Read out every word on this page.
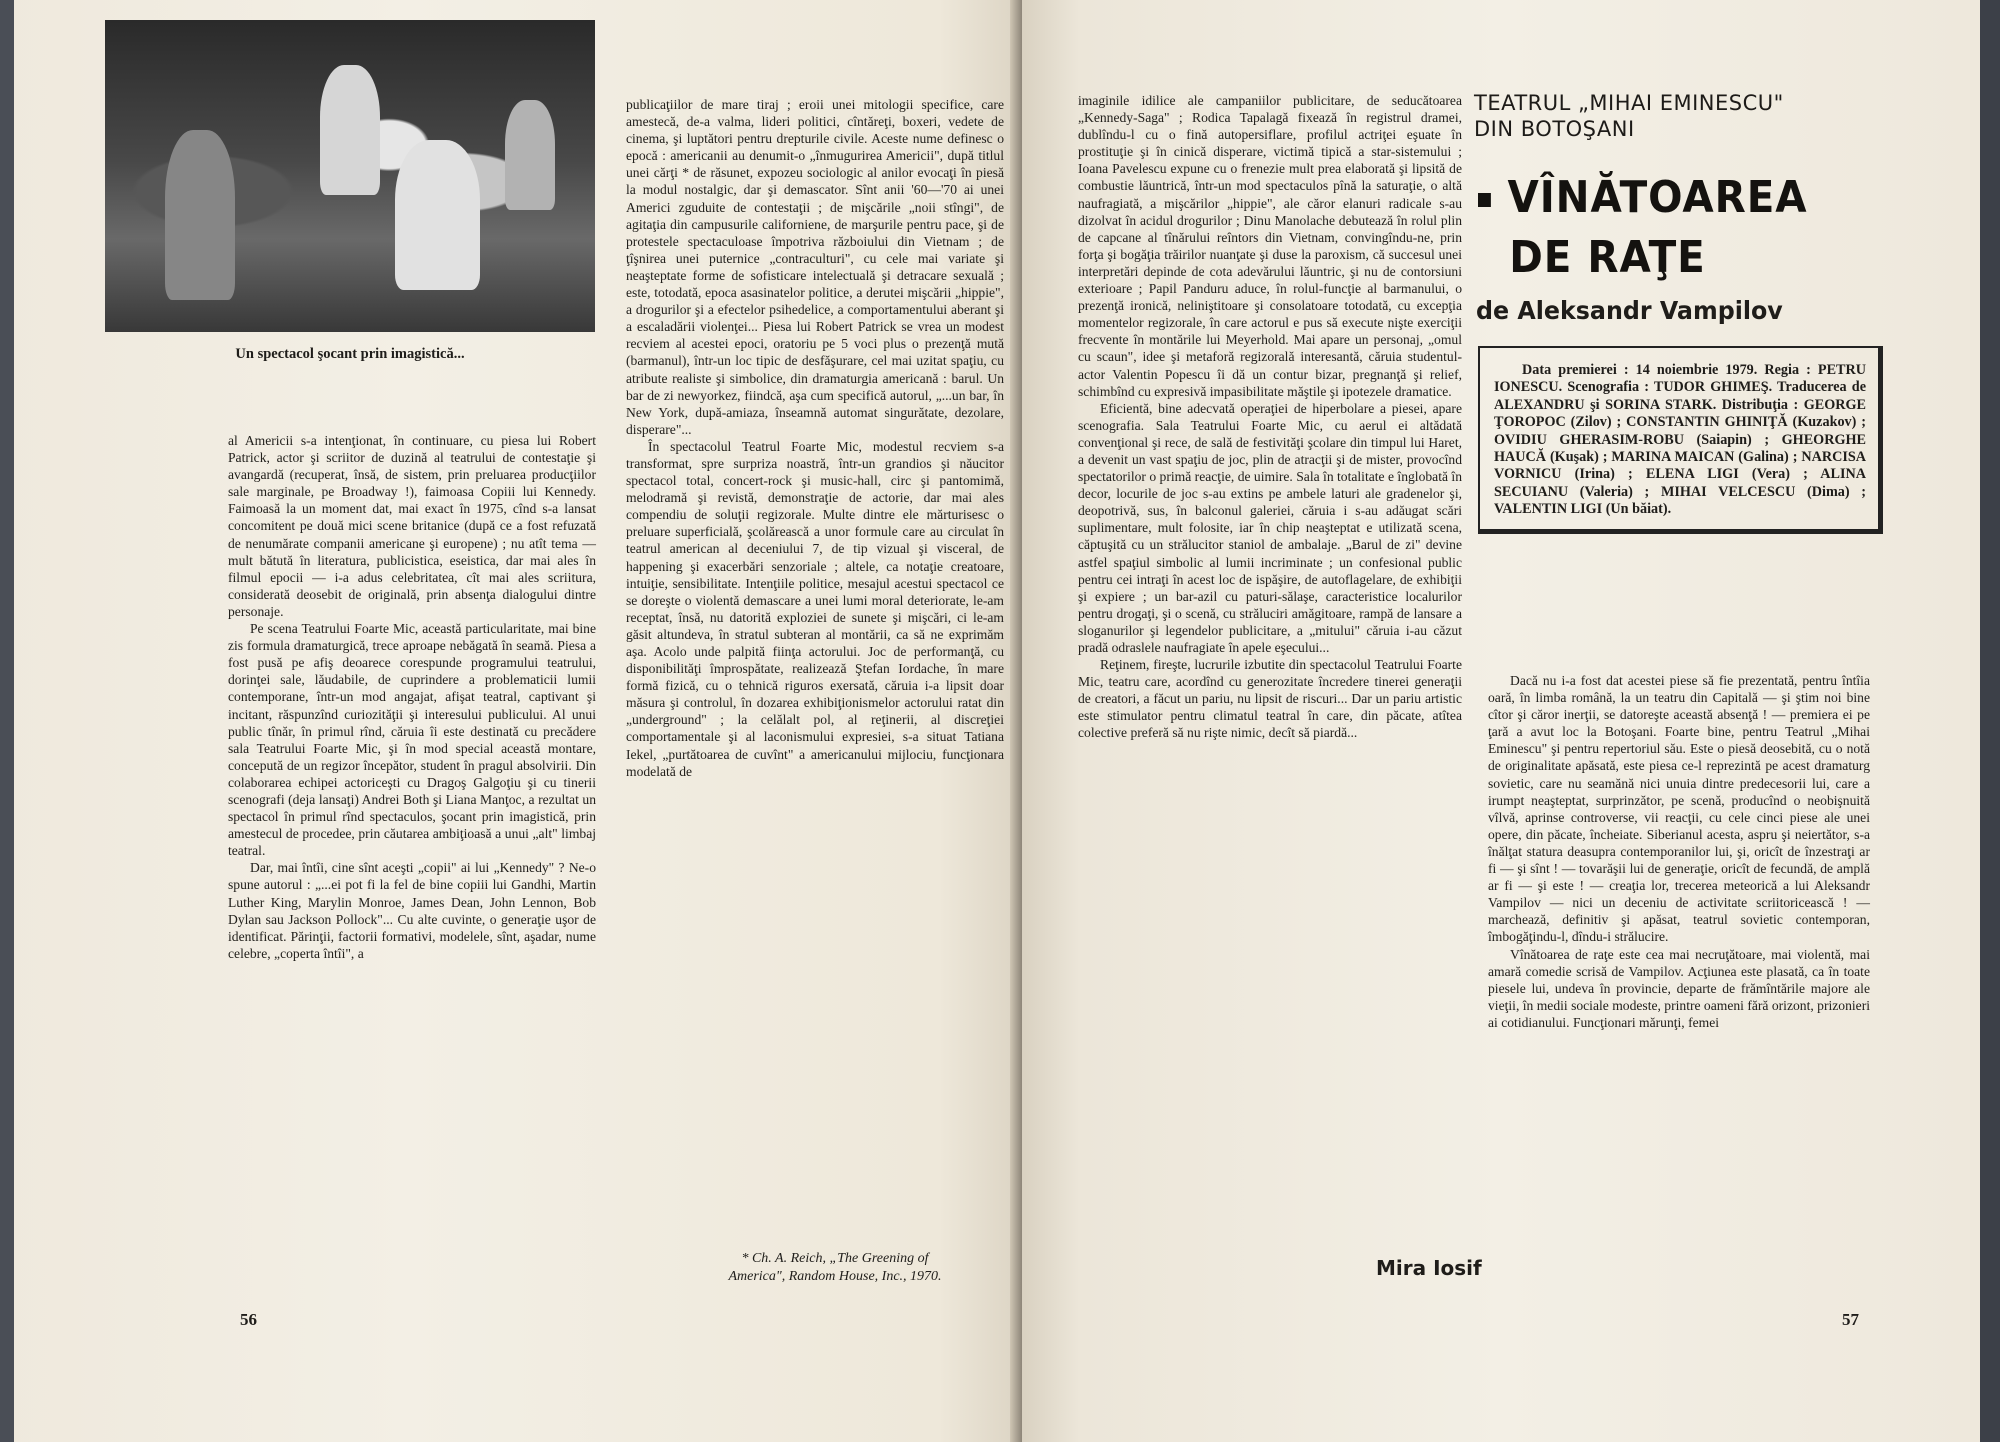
Un spectacol şocant prin imagistică...

al Americii s-a intenţionat, în continuare, cu piesa lui Robert Patrick, actor şi scriitor de duzină al teatrului de contestaţie şi avangardă (recuperat, însă, de sistem, prin preluarea producţiilor sale marginale, pe Broadway !), faimoasa Copiii lui Kennedy. Faimoasă la un moment dat, mai exact în 1975, cînd s-a lansat concomitent pe două mici scene britanice (după ce a fost refuzată de nenumărate companii americane şi europene) ; nu atît tema — mult bătută în literatura, publicistica, eseistica, dar mai ales în filmul epocii — i-a adus celebritatea, cît mai ales scriitura, considerată deosebit de originală, prin absenţa dialogului dintre personaje.

Pe scena Teatrului Foarte Mic, această particularitate, mai bine zis formula dramaturgică, trece aproape nebăgată în seamă. Piesa a fost pusă pe afiş deoarece corespunde programului teatrului, dorinţei sale, lăudabile, de cuprindere a problematicii lumii contemporane, într-un mod angajat, afişat teatral, captivant şi incitant, răspunzînd curiozităţii şi interesului publicului. Al unui public tînăr, în primul rînd, căruia îi este destinată cu precădere sala Teatrului Foarte Mic, şi în mod special această montare, concepută de un regizor începător, student în pragul absolvirii. Din colaborarea echipei actoriceşti cu Dragoş Galgoţiu şi cu tinerii scenografi (deja lansaţi) Andrei Both şi Liana Manţoc, a rezultat un spectacol în primul rînd spectaculos, şocant prin imagistică, prin amestecul de procedee, prin căutarea ambiţioasă a unui „alt" limbaj teatral.

Dar, mai întîi, cine sînt aceşti „copii" ai lui „Kennedy" ? Ne-o spune autorul : „...ei pot fi la fel de bine copiii lui Gandhi, Martin Luther King, Marylin Monroe, James Dean, John Lennon, Bob Dylan sau Jackson Pollock"... Cu alte cuvinte, o generaţie uşor de identificat. Părinţii, factorii formativi, modelele, sînt, aşadar, nume celebre, „coperta întîi", a

publicaţiilor de mare tiraj ; eroii unei mitologii specifice, care amestecă, de-a valma, lideri politici, cîntăreţi, boxeri, vedete de cinema, şi luptători pentru drepturile civile. Aceste nume definesc o epocă : americanii au denumit-o „înmugurirea Americii", după titlul unei cărţi * de răsunet, expozeu sociologic al anilor evocaţi în piesă la modul nostalgic, dar şi demascator. Sînt anii '60—'70 ai unei Americi zguduite de contestaţii ; de mişcările „noii stîngi", de agitaţia din campusurile californiene, de marşurile pentru pace, şi de protestele spectaculoase împotriva războiului din Vietnam ; de ţîşnirea unei puternice „contraculturi", cu cele mai variate şi neaşteptate forme de sofisticare intelectuală şi detracare sexuală ; este, totodată, epoca asasinatelor politice, a derutei mişcării „hippie", a drogurilor şi a efectelor psihedelice, a comportamentului aberant şi a escaladării violenţei... Piesa lui Robert Patrick se vrea un modest recviem al acestei epoci, oratoriu pe 5 voci plus o prezenţă mută (barmanul), într-un loc tipic de desfăşurare, cel mai uzitat spaţiu, cu atribute realiste şi simbolice, din dramaturgia americană : barul. Un bar de zi newyorkez, fiindcă, aşa cum specifică autorul, „...un bar, în New York, după-amiaza, înseamnă automat singurătate, dezolare, disperare"...

În spectacolul Teatrul Foarte Mic, modestul recviem s-a transformat, spre surpriza noastră, într-un grandios şi năucitor spectacol total, concert-rock şi music-hall, circ şi pantomimă, melodramă şi revistă, demonstraţie de actorie, dar mai ales compendiu de soluţii regizorale. Multe dintre ele mărturisesc o preluare superficială, şcolărească a unor formule care au circulat în teatrul american al deceniului 7, de tip vizual şi visceral, de happening şi exacerbări senzoriale ; altele, ca notaţie creatoare, intuiţie, sensibilitate. Intenţiile politice, mesajul acestui spectacol ce se doreşte o violentă demascare a unei lumi moral deteriorate, le-am receptat, însă, nu datorită exploziei de sunete şi mişcări, ci le-am găsit altundeva, în stratul subteran al montării, ca să ne exprimăm aşa. Acolo unde palpită fiinţa actorului. Joc de performanţă, cu disponibilităţi împrospătate, realizează Ştefan Iordache, în mare formă fizică, cu o tehnică riguros exersată, căruia i-a lipsit doar măsura şi controlul, în dozarea exhibiţionismelor actorului ratat din „underground" ; la celălalt pol, al reţinerii, al discreţiei comportamentale şi al laconismului expresiei, s-a situat Tatiana Iekel, „purtătoarea de cuvînt" a americanului mijlociu, funcţionara modelată de

* Ch. A. Reich, „The Greening of
America", Random House, Inc., 1970.
56

imaginile idilice ale campaniilor publicitare, de seducătoarea „Kennedy-Saga" ; Rodica Tapalagă fixează în registrul dramei, dublîndu-l cu o fină autopersiflare, profilul actriţei eşuate în prostituţie şi în cinică disperare, victimă tipică a star-sistemului ; Ioana Pavelescu expune cu o frenezie mult prea elaborată şi lipsită de combustie lăuntrică, într-un mod spectaculos pînă la saturaţie, o altă naufragiată, a mişcărilor „hippie", ale căror elanuri radicale s-au dizolvat în acidul drogurilor ; Dinu Manolache debutează în rolul plin de capcane al tînărului reîntors din Vietnam, convingîndu-ne, prin forţa şi bogăţia trăirilor nuanţate şi duse la paroxism, că succesul unei interpretări depinde de cota adevărului lăuntric, şi nu de contorsiuni exterioare ; Papil Panduru aduce, în rolul-funcţie al barmanului, o prezenţă ironică, neliniştitoare şi consolatoare totodată, cu excepţia momentelor regizorale, în care actorul e pus să execute nişte exerciţii frecvente în montările lui Meyerhold. Mai apare un personaj, „omul cu scaun", idee şi metaforă regizorală interesantă, căruia studentul-actor Valentin Popescu îi dă un contur bizar, pregnanţă şi relief, schimbînd cu expresivă impasibilitate măştile şi ipotezele dramatice.

Eficientă, bine adecvată operaţiei de hiperbolare a piesei, apare scenografia. Sala Teatrului Foarte Mic, cu aerul ei altădată convenţional şi rece, de sală de festivităţi şcolare din timpul lui Haret, a devenit un vast spaţiu de joc, plin de atracţii şi de mister, provocînd spectatorilor o primă reacţie, de uimire. Sala în totalitate e înglobată în decor, locurile de joc s-au extins pe ambele laturi ale gradenelor şi, deopotrivă, sus, în balconul galeriei, căruia i s-au adăugat scări suplimentare, mult folosite, iar în chip neaşteptat e utilizată scena, căptuşită cu un strălucitor staniol de ambalaje. „Barul de zi" devine astfel spaţiul simbolic al lumii incriminate ; un confesional public pentru cei intraţi în acest loc de ispăşire, de autoflagelare, de exhibiţii şi expiere ; un bar-azil cu paturi-sălaşe, caracteristice localurilor pentru drogaţi, şi o scenă, cu străluciri amăgitoare, rampă de lansare a sloganurilor şi legendelor publicitare, a „mitului" căruia i-au căzut pradă odraslele naufragiate în apele eşecului...

Reţinem, fireşte, lucrurile izbutite din spectacolul Teatrului Foarte Mic, teatru care, acordînd cu generozitate încredere tinerei generaţii de creatori, a făcut un pariu, nu lipsit de riscuri... Dar un pariu artistic este stimulator pentru climatul teatral în care, din păcate, atîtea colective preferă să nu rişte nimic, decît să piardă...

Mira Iosif

Dacă nu i-a fost dat acestei piese să fie prezentată, pentru întîia oară, în limba română, la un teatru din Capitală — şi ştim noi bine cîtor şi căror inerţii, se datoreşte această absenţă ! — premiera ei pe ţară a avut loc la Botoşani. Foarte bine, pentru Teatrul „Mihai Eminescu" şi pentru repertoriul său. Este o piesă deosebită, cu o notă de originalitate apăsată, este piesa ce-l reprezintă pe acest dramaturg sovietic, care nu seamănă nici unuia dintre predecesorii lui, care a irumpt neaşteptat, surprinzător, pe scenă, producînd o neobişnuită vîlvă, aprinse controverse, vii reacţii, cu cele cinci piese ale unei opere, din păcate, încheiate. Siberianul acesta, aspru şi neiertător, s-a înălţat statura deasupra contemporanilor lui, şi, oricît de înzestraţi ar fi — şi sînt ! — tovarăşii lui de generaţie, oricît de fecundă, de amplă ar fi — şi este ! — creaţia lor, trecerea meteorică a lui Aleksandr Vampilov — nici un deceniu de activitate scriitoricească ! — marchează, definitiv şi apăsat, teatrul sovietic contemporan, îmbogăţindu-l, dîndu-i strălucire.

Vînătoarea de raţe este cea mai necruţătoare, mai violentă, mai amară comedie scrisă de Vampilov. Acţiunea este plasată, ca în toate piesele lui, undeva în provincie, departe de frămîntările majore ale vieţii, în medii sociale modeste, printre oameni fără orizont, prizonieri ai cotidianului. Funcţionari mărunţi, femei

57
TEATRUL „MIHAI EMINESCU"
DIN BOTOŞANI
VÎNĂTOAREA
DE RAŢE
de Aleksandr Vampilov

Data premierei : 14 noiembrie 1979. Regia : PETRU IONESCU. Scenografia : TUDOR GHIMEŞ. Traducerea de ALEXANDRU şi SORINA STARK. Distribuţia : GEORGE ŢOROPOC (Zilov) ; CONSTANTIN GHINIŢĂ (Kuzakov) ; OVIDIU GHERASIM-ROBU (Saiapin) ; GHEORGHE HAUCĂ (Kuşak) ; MARINA MAICAN (Galina) ; NARCISA VORNICU (Irina) ; ELENA LIGI (Vera) ; ALINA SECUIANU (Valeria) ; MIHAI VELCESCU (Dima) ; VALENTIN LIGI (Un băiat).
